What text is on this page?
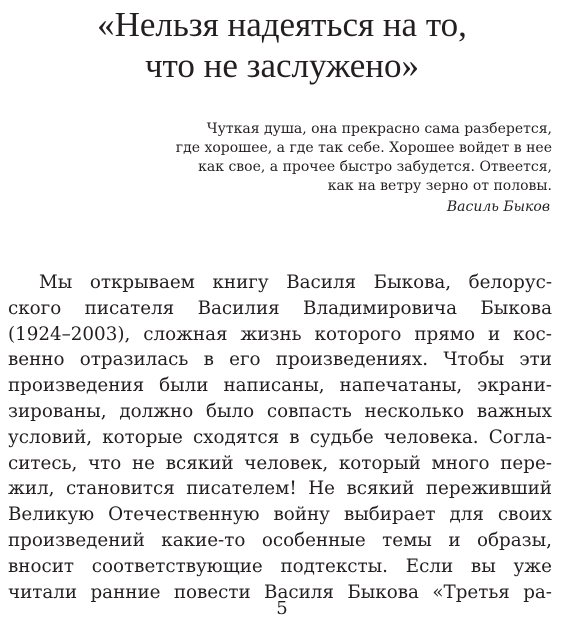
«Нельзя надеяться на то,
что не заслужено»
Чуткая душа, она прекрасно сама разберется,
где хорошее, а где так себе. Хорошее войдет в нее
как свое, а прочее быстро забудется. Отвеется,
как на ветру зерно от половы.
Василь Быков
Мы открываем книгу Василя Быкова, белорус-
ского писателя Василия Владимировича Быкова
(1924–2003), сложная жизнь которого прямо и кос-
венно отразилась в его произведениях. Чтобы эти
произведения были написаны, напечатаны, экрани-
зированы, должно было совпасть несколько важных
условий, которые сходятся в судьбе человека. Согла-
ситесь, что не всякий человек, который много пере-
жил, становится писателем! Не всякий переживший
Великую Отечественную войну выбирает для своих
произведений какие-то особенные темы и образы,
вносит соответствующие подтексты. Если вы уже
читали ранние повести Василя Быкова «Третья ра-
5
